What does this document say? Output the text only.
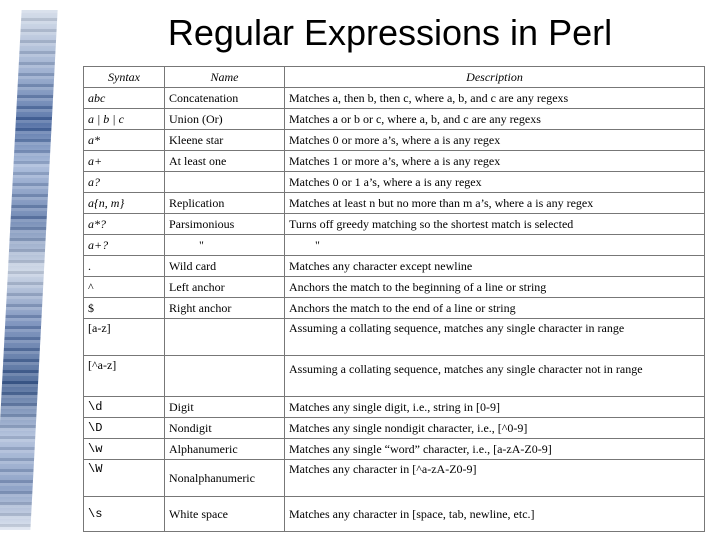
Regular Expressions in Perl
Syntax	Name	Description
abc	Concatenation	Matches a, then b, then c, where a, b, and c are any regexs
a | b | c	Union (Or)	Matches a or b or c, where a, b, and c are any regexs
a*	Kleene star	Matches 0 or more a’s, where a is any regex
a+	At least one	Matches 1 or more a’s, where a is any regex
a?		Matches 0 or 1 a’s, where a is any regex
a{n, m}	Replication	Matches at least n but no more than m a’s, where a is any regex
a*?	Parsimonious	Turns off greedy matching so the shortest match is selected
a+?	"	"
.	Wild card	Matches any character except newline
^	Left anchor	Anchors the match to the beginning of a line or string
$	Right anchor	Anchors the match to the end of a line or string
[a-z]		Assuming a collating sequence, matches any single character in range
[^a-z]		Assuming a collating sequence, matches any single character not in range
\d	Digit	Matches any single digit, i.e., string in [0-9]
\D	Nondigit	Matches any single nondigit character, i.e., [^0-9]
\w	Alphanumeric	Matches any single “word” character, i.e., [a-zA-Z0-9]
\W	Nonalphanumeric	Matches any character in [^a-zA-Z0-9]
\s	White space	Matches any character in [space, tab, newline, etc.]
